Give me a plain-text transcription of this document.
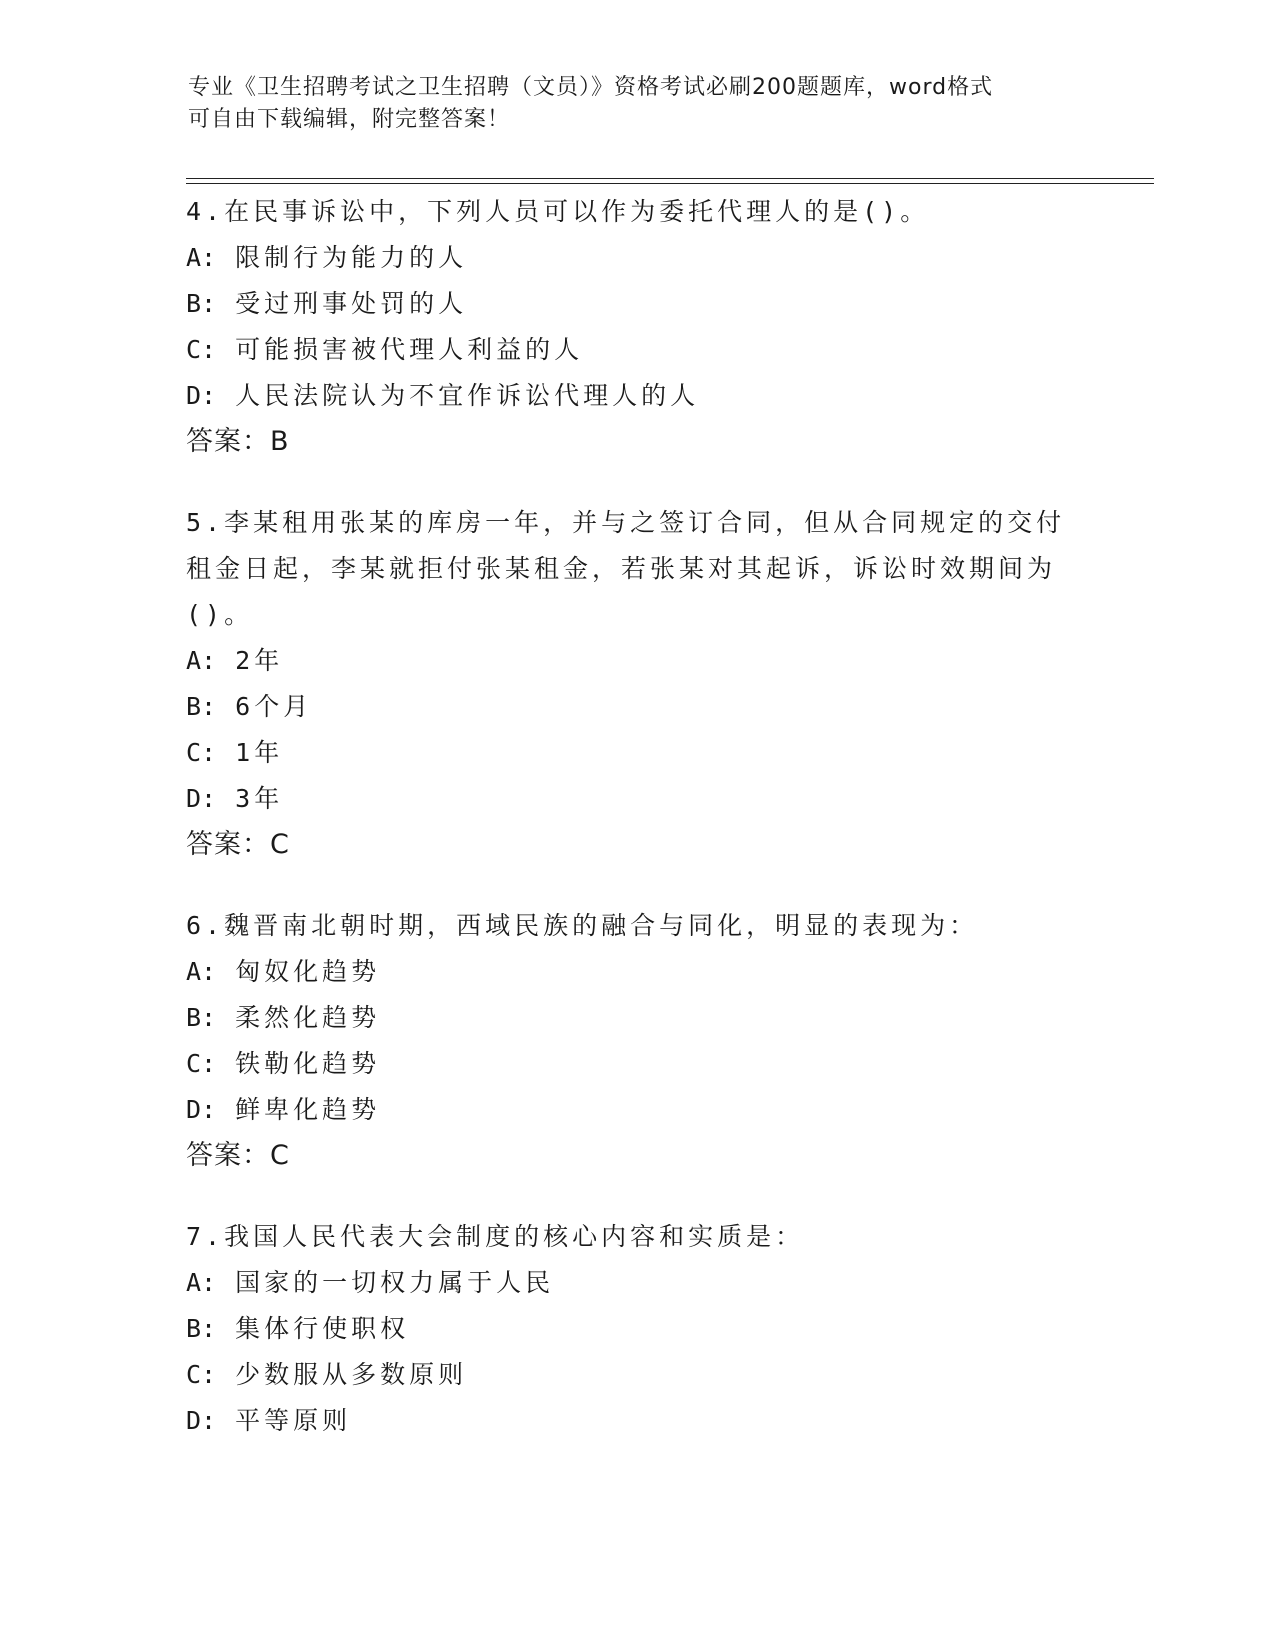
专业《卫生招聘考试之卫生招聘（文员）》资格考试必刷200题题库，word格式
可自由下载编辑，附完整答案！
4.在民事诉讼中，下列人员可以作为委托代理人的是()。
A: 限制行为能力的人
B: 受过刑事处罚的人
C: 可能损害被代理人利益的人
D: 人民法院认为不宜作诉讼代理人的人
答案：B
5.李某租用张某的库房一年，并与之签订合同，但从合同规定的交付
租金日起，李某就拒付张某租金，若张某对其起诉，诉讼时效期间为
()。
A: 2年
B: 6个月
C: 1年
D: 3年
答案：C
6.魏晋南北朝时期，西域民族的融合与同化，明显的表现为：
A: 匈奴化趋势
B: 柔然化趋势
C: 铁勒化趋势
D: 鲜卑化趋势
答案：C
7.我国人民代表大会制度的核心内容和实质是：
A: 国家的一切权力属于人民
B: 集体行使职权
C: 少数服从多数原则
D: 平等原则
